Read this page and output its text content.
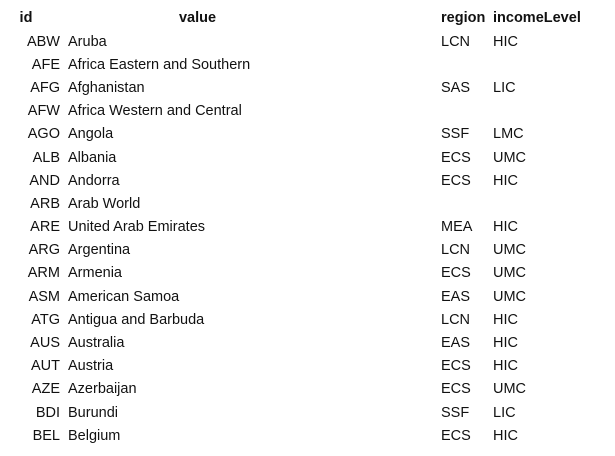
id	value	region	incomeLevel
ABW	Aruba	LCN	HIC
AFE	Africa Eastern and Southern		
AFG	Afghanistan	SAS	LIC
AFW	Africa Western and Central		
AGO	Angola	SSF	LMC
ALB	Albania	ECS	UMC
AND	Andorra	ECS	HIC
ARB	Arab World		
ARE	United Arab Emirates	MEA	HIC
ARG	Argentina	LCN	UMC
ARM	Armenia	ECS	UMC
ASM	American Samoa	EAS	UMC
ATG	Antigua and Barbuda	LCN	HIC
AUS	Australia	EAS	HIC
AUT	Austria	ECS	HIC
AZE	Azerbaijan	ECS	UMC
BDI	Burundi	SSF	LIC
BEL	Belgium	ECS	HIC
